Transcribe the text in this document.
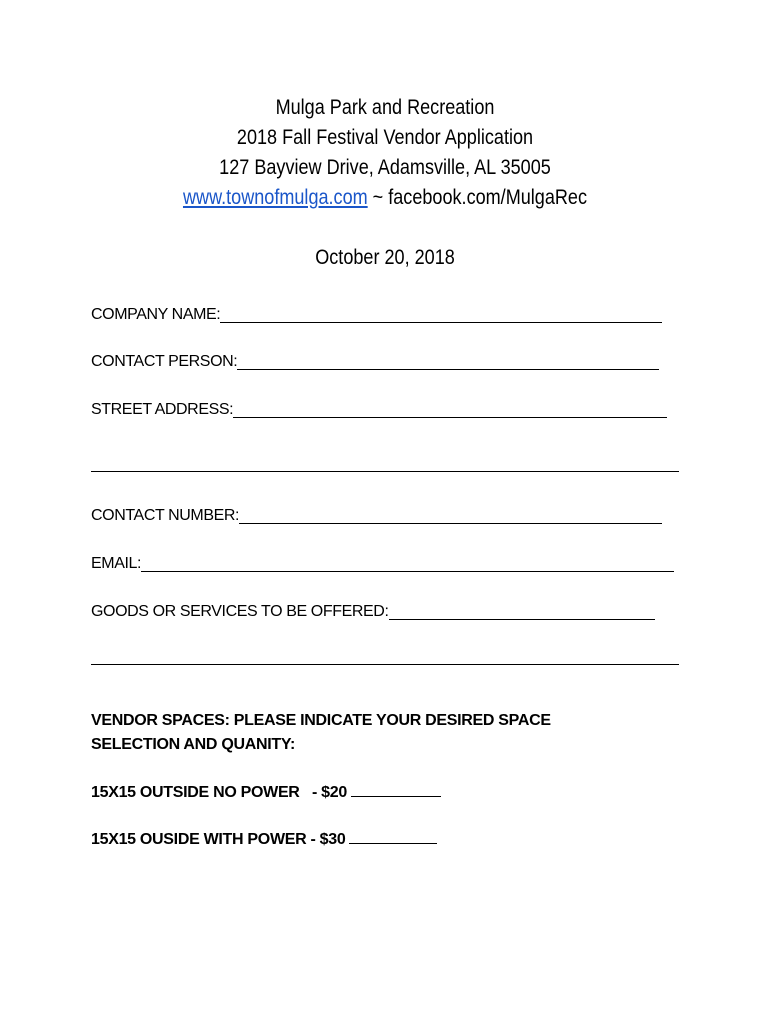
Mulga Park and Recreation
2018 Fall Festival Vendor Application
127 Bayview Drive, Adamsville, AL 35005
www.townofmulga.com ~ facebook.com/MulgaRec
October 20, 2018
COMPANY NAME:
CONTACT PERSON:
STREET ADDRESS:
CONTACT NUMBER:
EMAIL:
GOODS OR SERVICES TO BE OFFERED:
VENDOR SPACES: PLEASE INDICATE YOUR DESIRED SPACE
SELECTION AND QUANITY:
15X15 OUTSIDE NO POWER   - $20
15X15 OUSIDE WITH POWER - $30
